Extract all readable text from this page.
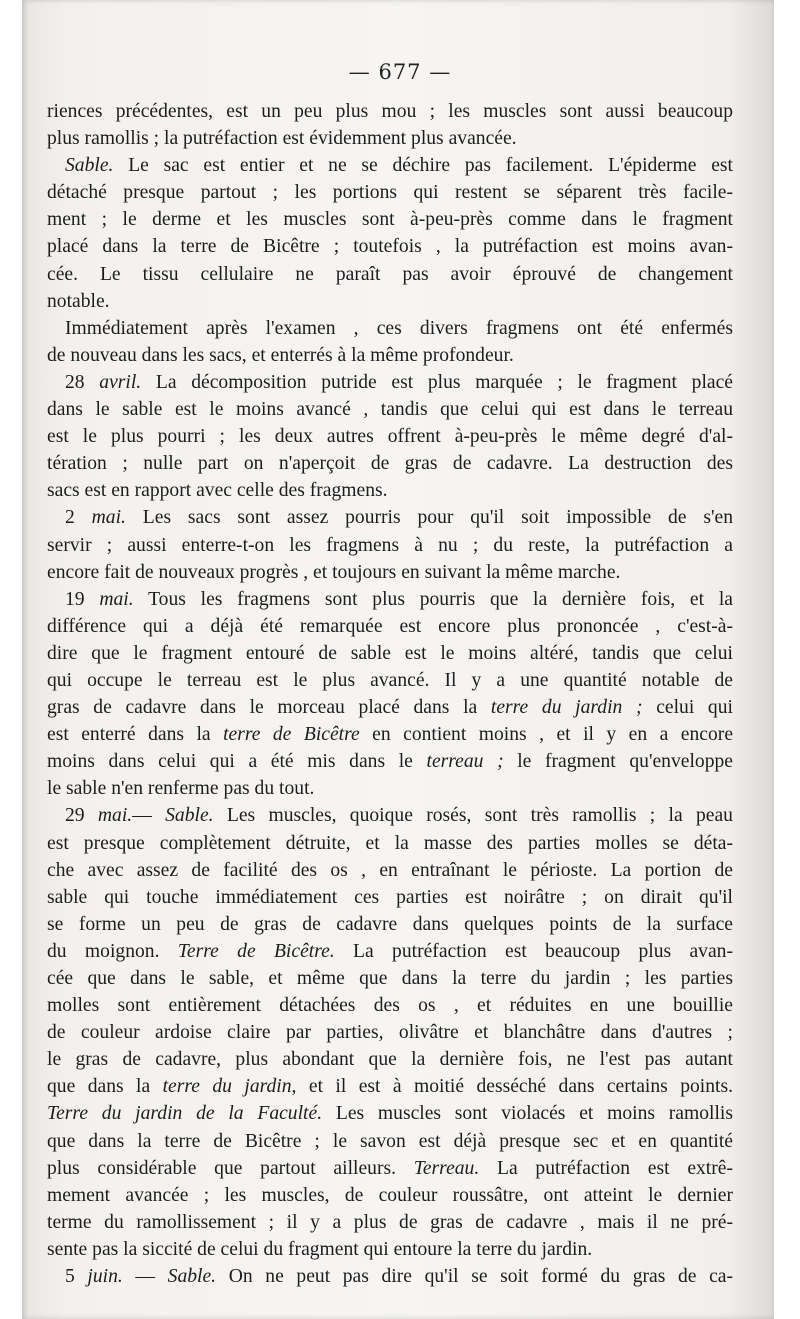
— 677 —
riences précédentes, est un peu plus mou ; les muscles sont aussi beaucoup
plus ramollis ; la putréfaction est évidemment plus avancée.
Sable. Le sac est entier et ne se déchire pas facilement. L'épiderme est
détaché presque partout ; les portions qui restent se séparent très facile-
ment ; le derme et les muscles sont à-peu-près comme dans le fragment
placé dans la terre de Bicêtre ; toutefois , la putréfaction est moins avan-
cée. Le tissu cellulaire ne paraît pas avoir éprouvé de changement
notable.
Immédiatement après l'examen , ces divers fragmens ont été enfermés
de nouveau dans les sacs, et enterrés à la même profondeur.
28 avril. La décomposition putride est plus marquée ; le fragment placé
dans le sable est le moins avancé , tandis que celui qui est dans le terreau
est le plus pourri ; les deux autres offrent à-peu-près le même degré d'al-
tération ; nulle part on n'aperçoit de gras de cadavre. La destruction des
sacs est en rapport avec celle des fragmens.
2 mai. Les sacs sont assez pourris pour qu'il soit impossible de s'en
servir ; aussi enterre-t-on les fragmens à nu ; du reste, la putréfaction a
encore fait de nouveaux progrès , et toujours en suivant la même marche.
19 mai. Tous les fragmens sont plus pourris que la dernière fois, et la
différence qui a déjà été remarquée est encore plus prononcée , c'est-à-
dire que le fragment entouré de sable est le moins altéré, tandis que celui
qui occupe le terreau est le plus avancé. Il y a une quantité notable de
gras de cadavre dans le morceau placé dans la terre du jardin ; celui qui
est enterré dans la terre de Bicêtre en contient moins , et il y en a encore
moins dans celui qui a été mis dans le terreau ; le fragment qu'enveloppe
le sable n'en renferme pas du tout.
29 mai.— Sable. Les muscles, quoique rosés, sont très ramollis ; la peau
est presque complètement détruite, et la masse des parties molles se déta-
che avec assez de facilité des os , en entraînant le périoste. La portion de
sable qui touche immédiatement ces parties est noirâtre ; on dirait qu'il
se forme un peu de gras de cadavre dans quelques points de la surface
du moignon. Terre de Bicêtre. La putréfaction est beaucoup plus avan-
cée que dans le sable, et même que dans la terre du jardin ; les parties
molles sont entièrement détachées des os , et réduites en une bouillie
de couleur ardoise claire par parties, olivâtre et blanchâtre dans d'autres ;
le gras de cadavre, plus abondant que la dernière fois, ne l'est pas autant
que dans la terre du jardin, et il est à moitié desséché dans certains points.
Terre du jardin de la Faculté. Les muscles sont violacés et moins ramollis
que dans la terre de Bicêtre ; le savon est déjà presque sec et en quantité
plus considérable que partout ailleurs. Terreau. La putréfaction est extrê-
mement avancée ; les muscles, de couleur roussâtre, ont atteint le dernier
terme du ramollissement ; il y a plus de gras de cadavre , mais il ne pré-
sente pas la siccité de celui du fragment qui entoure la terre du jardin.
5 juin. — Sable. On ne peut pas dire qu'il se soit formé du gras de ca-
